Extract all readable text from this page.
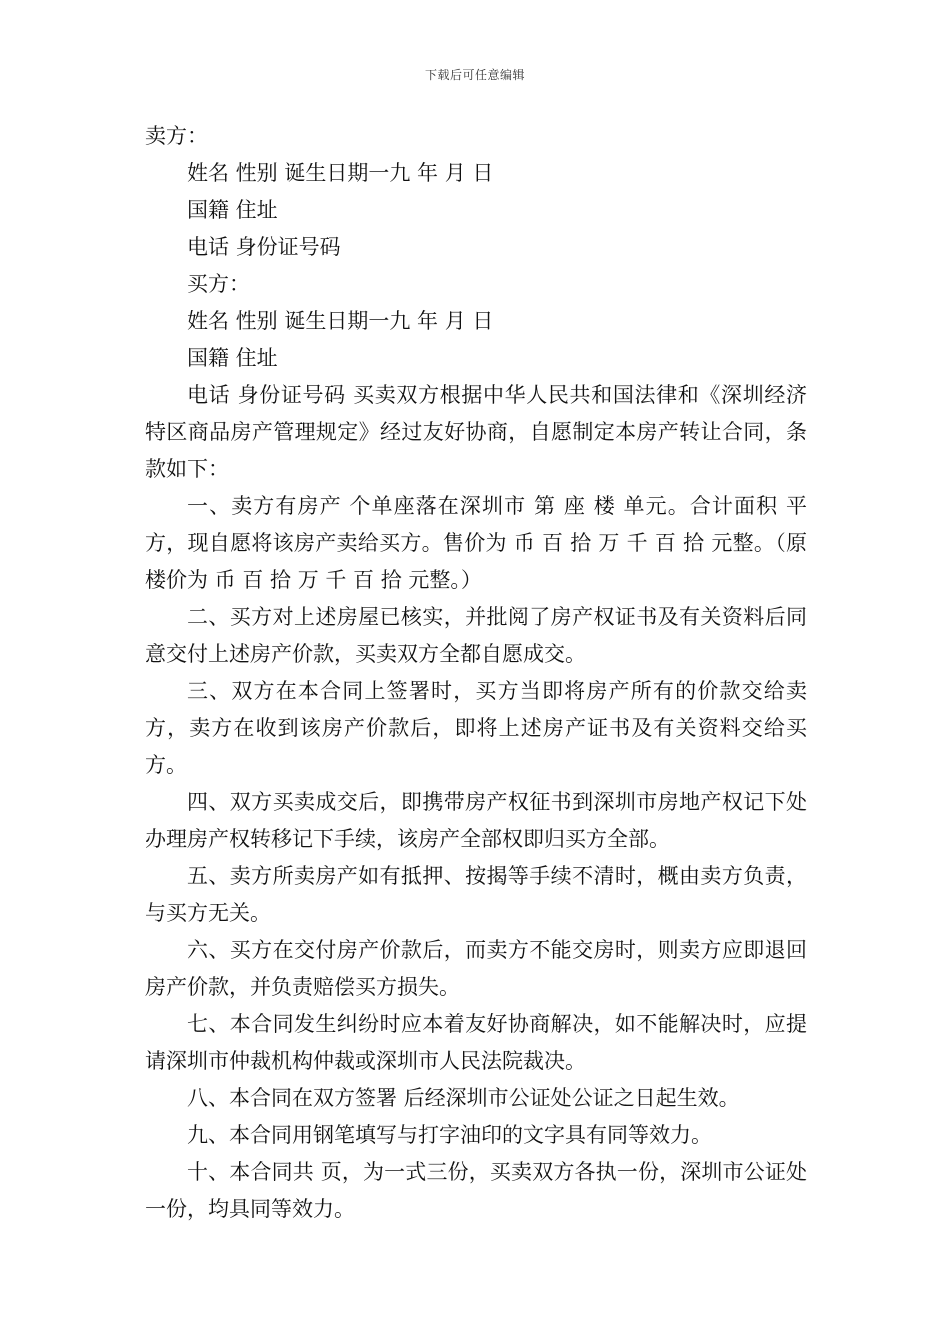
下载后可任意编辑

卖方：

姓名 性别 诞生日期一九 年 月 日

国籍 住址

电话 身份证号码

买方：

姓名 性别 诞生日期一九 年 月 日

国籍 住址

电话 身份证号码 买卖双方根据中华人民共和国法律和《深圳经济特区商品房产管理规定》经过友好协商，自愿制定本房产转让合同，条款如下：

一、卖方有房产 个单座落在深圳市 第 座 楼 单元。合计面积 平方，现自愿将该房产卖给买方。售价为 币 百 拾 万 千 百 拾 元整。（原楼价为 币 百 拾 万 千 百 拾 元整。）

二、买方对上述房屋已核实，并批阅了房产权证书及有关资料后同意交付上述房产价款，买卖双方全都自愿成交。

三、双方在本合同上签署时，买方当即将房产所有的价款交给卖方，卖方在收到该房产价款后，即将上述房产证书及有关资料交给买方。

四、双方买卖成交后，即携带房产权征书到深圳市房地产权记下处办理房产权转移记下手续，该房产全部权即归买方全部。

五、卖方所卖房产如有抵押、按揭等手续不清时，概由卖方负责，与买方无关。

六、买方在交付房产价款后，而卖方不能交房时，则卖方应即退回房产价款，并负责赔偿买方损失。

七、本合同发生纠纷时应本着友好协商解决，如不能解决时，应提请深圳市仲裁机构仲裁或深圳市人民法院裁决。

八、本合同在双方签署 后经深圳市公证处公证之日起生效。

九、本合同用钢笔填写与打字油印的文字具有同等效力。

十、本合同共 页，为一式三份，买卖双方各执一份，深圳市公证处一份，均具同等效力。
